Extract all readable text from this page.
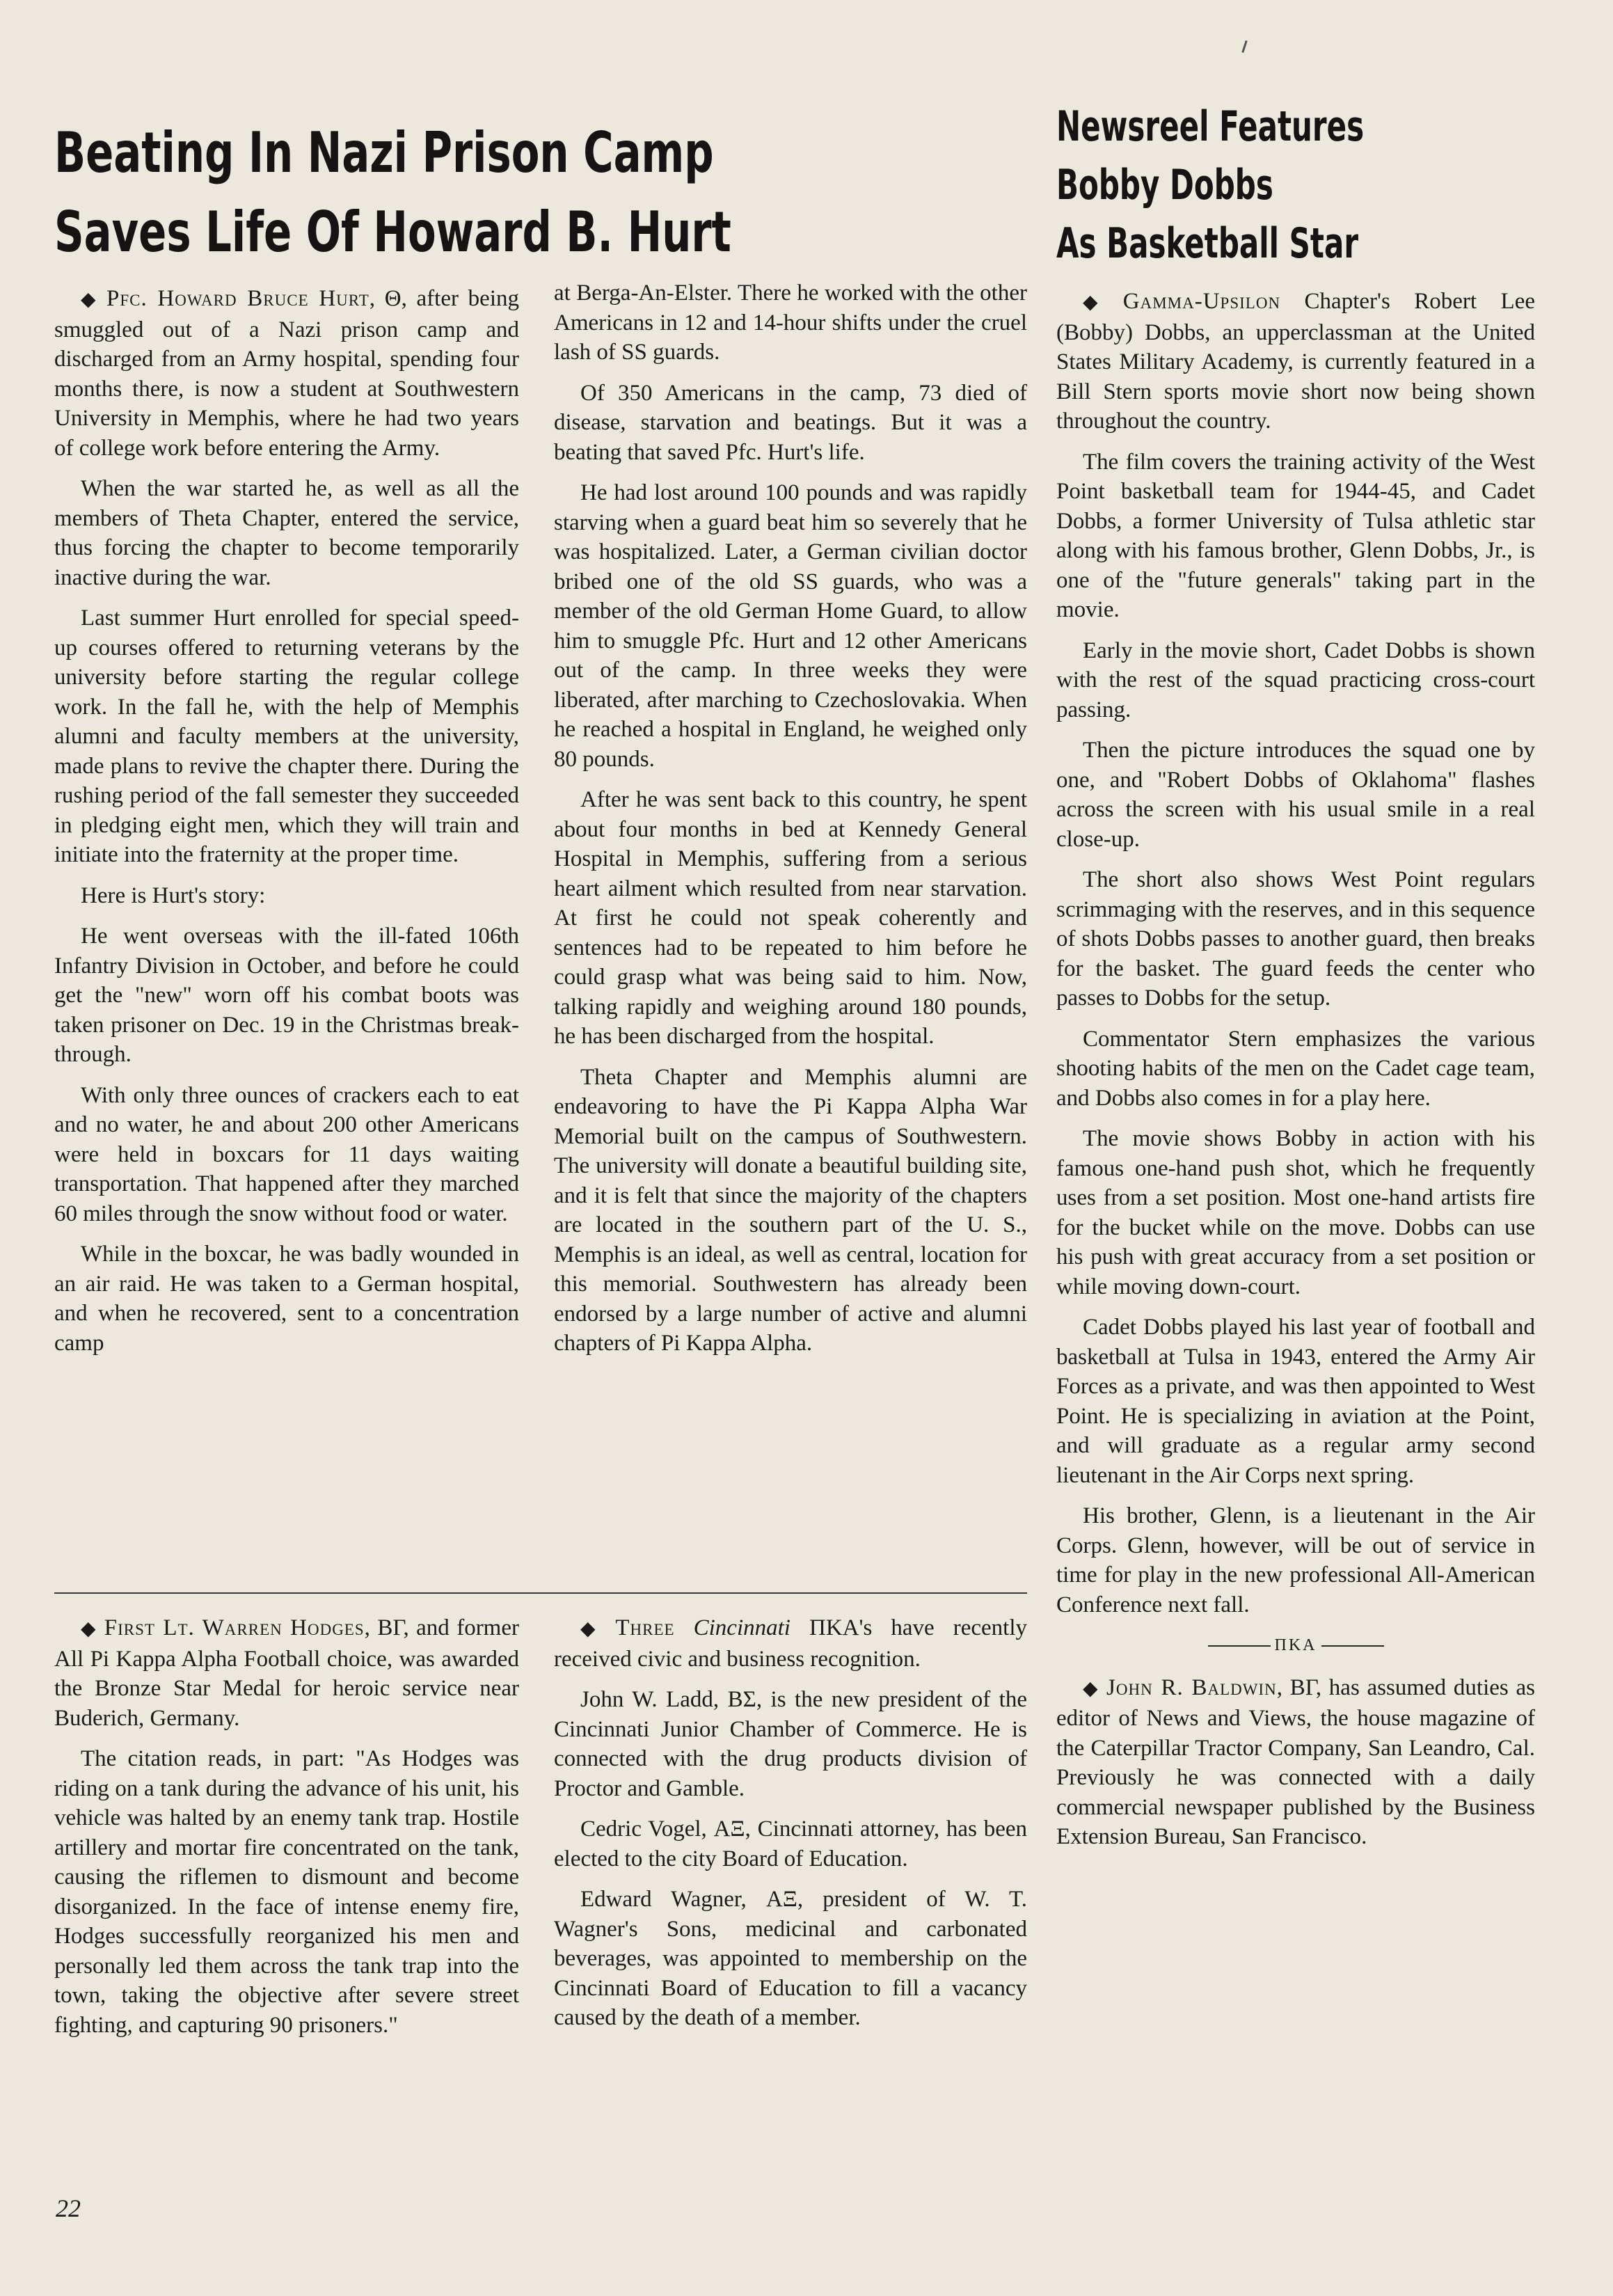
Beating In Nazi Prison Camp
Saves Life Of Howard B. Hurt
Newsreel Features
Bobby Dobbs
As Basketball Star

◆ Pfc. Howard Bruce Hurt, Θ, after being smuggled out of a Nazi prison camp and discharged from an Army hospital, spending four months there, is now a student at Southwestern University in Memphis, where he had two years of college work before entering the Army.

When the war started he, as well as all the members of Theta Chapter, entered the service, thus forcing the chapter to become temporarily inactive during the war.

Last summer Hurt enrolled for special speed-up courses offered to returning veterans by the university before starting the regular college work. In the fall he, with the help of Memphis alumni and faculty members at the university, made plans to revive the chapter there. During the rushing period of the fall semester they succeeded in pledging eight men, which they will train and initiate into the fraternity at the proper time.

Here is Hurt's story:

He went overseas with the ill-fated 106th Infantry Division in October, and before he could get the "new" worn off his combat boots was taken prisoner on Dec. 19 in the Christmas break-through.

With only three ounces of crackers each to eat and no water, he and about 200 other Americans were held in boxcars for 11 days waiting transportation. That happened after they marched 60 miles through the snow without food or water.

While in the boxcar, he was badly wounded in an air raid. He was taken to a German hospital, and when he recovered, sent to a concentration camp

at Berga-An-Elster. There he worked with the other Americans in 12 and 14-hour shifts under the cruel lash of SS guards.

Of 350 Americans in the camp, 73 died of disease, starvation and beatings. But it was a beating that saved Pfc. Hurt's life.

He had lost around 100 pounds and was rapidly starving when a guard beat him so severely that he was hospitalized. Later, a German civilian doctor bribed one of the old SS guards, who was a member of the old German Home Guard, to allow him to smuggle Pfc. Hurt and 12 other Americans out of the camp. In three weeks they were liberated, after marching to Czechoslovakia. When he reached a hospital in England, he weighed only 80 pounds.

After he was sent back to this country, he spent about four months in bed at Kennedy General Hospital in Memphis, suffering from a serious heart ailment which resulted from near starvation. At first he could not speak coherently and sentences had to be repeated to him before he could grasp what was being said to him. Now, talking rapidly and weighing around 180 pounds, he has been discharged from the hospital.

Theta Chapter and Memphis alumni are endeavoring to have the Pi Kappa Alpha War Memorial built on the campus of Southwestern. The university will donate a beautiful building site, and it is felt that since the majority of the chapters are located in the southern part of the U. S., Memphis is an ideal, as well as central, location for this memorial. Southwestern has already been endorsed by a large number of active and alumni chapters of Pi Kappa Alpha.

◆ Gamma-Upsilon Chapter's Robert Lee (Bobby) Dobbs, an upperclassman at the United States Military Academy, is currently featured in a Bill Stern sports movie short now being shown throughout the country.

The film covers the training activity of the West Point basketball team for 1944-45, and Cadet Dobbs, a former University of Tulsa athletic star along with his famous brother, Glenn Dobbs, Jr., is one of the "future generals" taking part in the movie.

Early in the movie short, Cadet Dobbs is shown with the rest of the squad practicing cross-court passing.

Then the picture introduces the squad one by one, and "Robert Dobbs of Oklahoma" flashes across the screen with his usual smile in a real close-up.

The short also shows West Point regulars scrimmaging with the reserves, and in this sequence of shots Dobbs passes to another guard, then breaks for the basket. The guard feeds the center who passes to Dobbs for the setup.

Commentator Stern emphasizes the various shooting habits of the men on the Cadet cage team, and Dobbs also comes in for a play here.

The movie shows Bobby in action with his famous one-hand push shot, which he frequently uses from a set position. Most one-hand artists fire for the bucket while on the move. Dobbs can use his push with great accuracy from a set position or while moving down-court.

Cadet Dobbs played his last year of football and basketball at Tulsa in 1943, entered the Army Air Forces as a private, and was then appointed to West Point. He is specializing in aviation at the Point, and will graduate as a regular army second lieutenant in the Air Corps next spring.

His brother, Glenn, is a lieutenant in the Air Corps. Glenn, however, will be out of service in time for play in the new professional All-American Conference next fall.

ΠΚΑ

◆ John R. Baldwin, ΒΓ, has assumed duties as editor of News and Views, the house magazine of the Caterpillar Tractor Company, San Leandro, Cal. Previously he was connected with a daily commercial newspaper published by the Business Extension Bureau, San Francisco.

◆ First Lt. Warren Hodges, ΒΓ, and former All Pi Kappa Alpha Football choice, was awarded the Bronze Star Medal for heroic service near Buderich, Germany.

The citation reads, in part: "As Hodges was riding on a tank during the advance of his unit, his vehicle was halted by an enemy tank trap. Hostile artillery and mortar fire concentrated on the tank, causing the riflemen to dismount and become disorganized. In the face of intense enemy fire, Hodges successfully reorganized his men and personally led them across the tank trap into the town, taking the objective after severe street fighting, and capturing 90 prisoners."

◆ Three Cincinnati ΠΚΑ's have recently received civic and business recognition.

John W. Ladd, ΒΣ, is the new president of the Cincinnati Junior Chamber of Commerce. He is connected with the drug products division of Proctor and Gamble.

Cedric Vogel, ΑΞ, Cincinnati attorney, has been elected to the city Board of Education.

Edward Wagner, ΑΞ, president of W. T. Wagner's Sons, medicinal and carbonated beverages, was appointed to membership on the Cincinnati Board of Education to fill a vacancy caused by the death of a member.

22
